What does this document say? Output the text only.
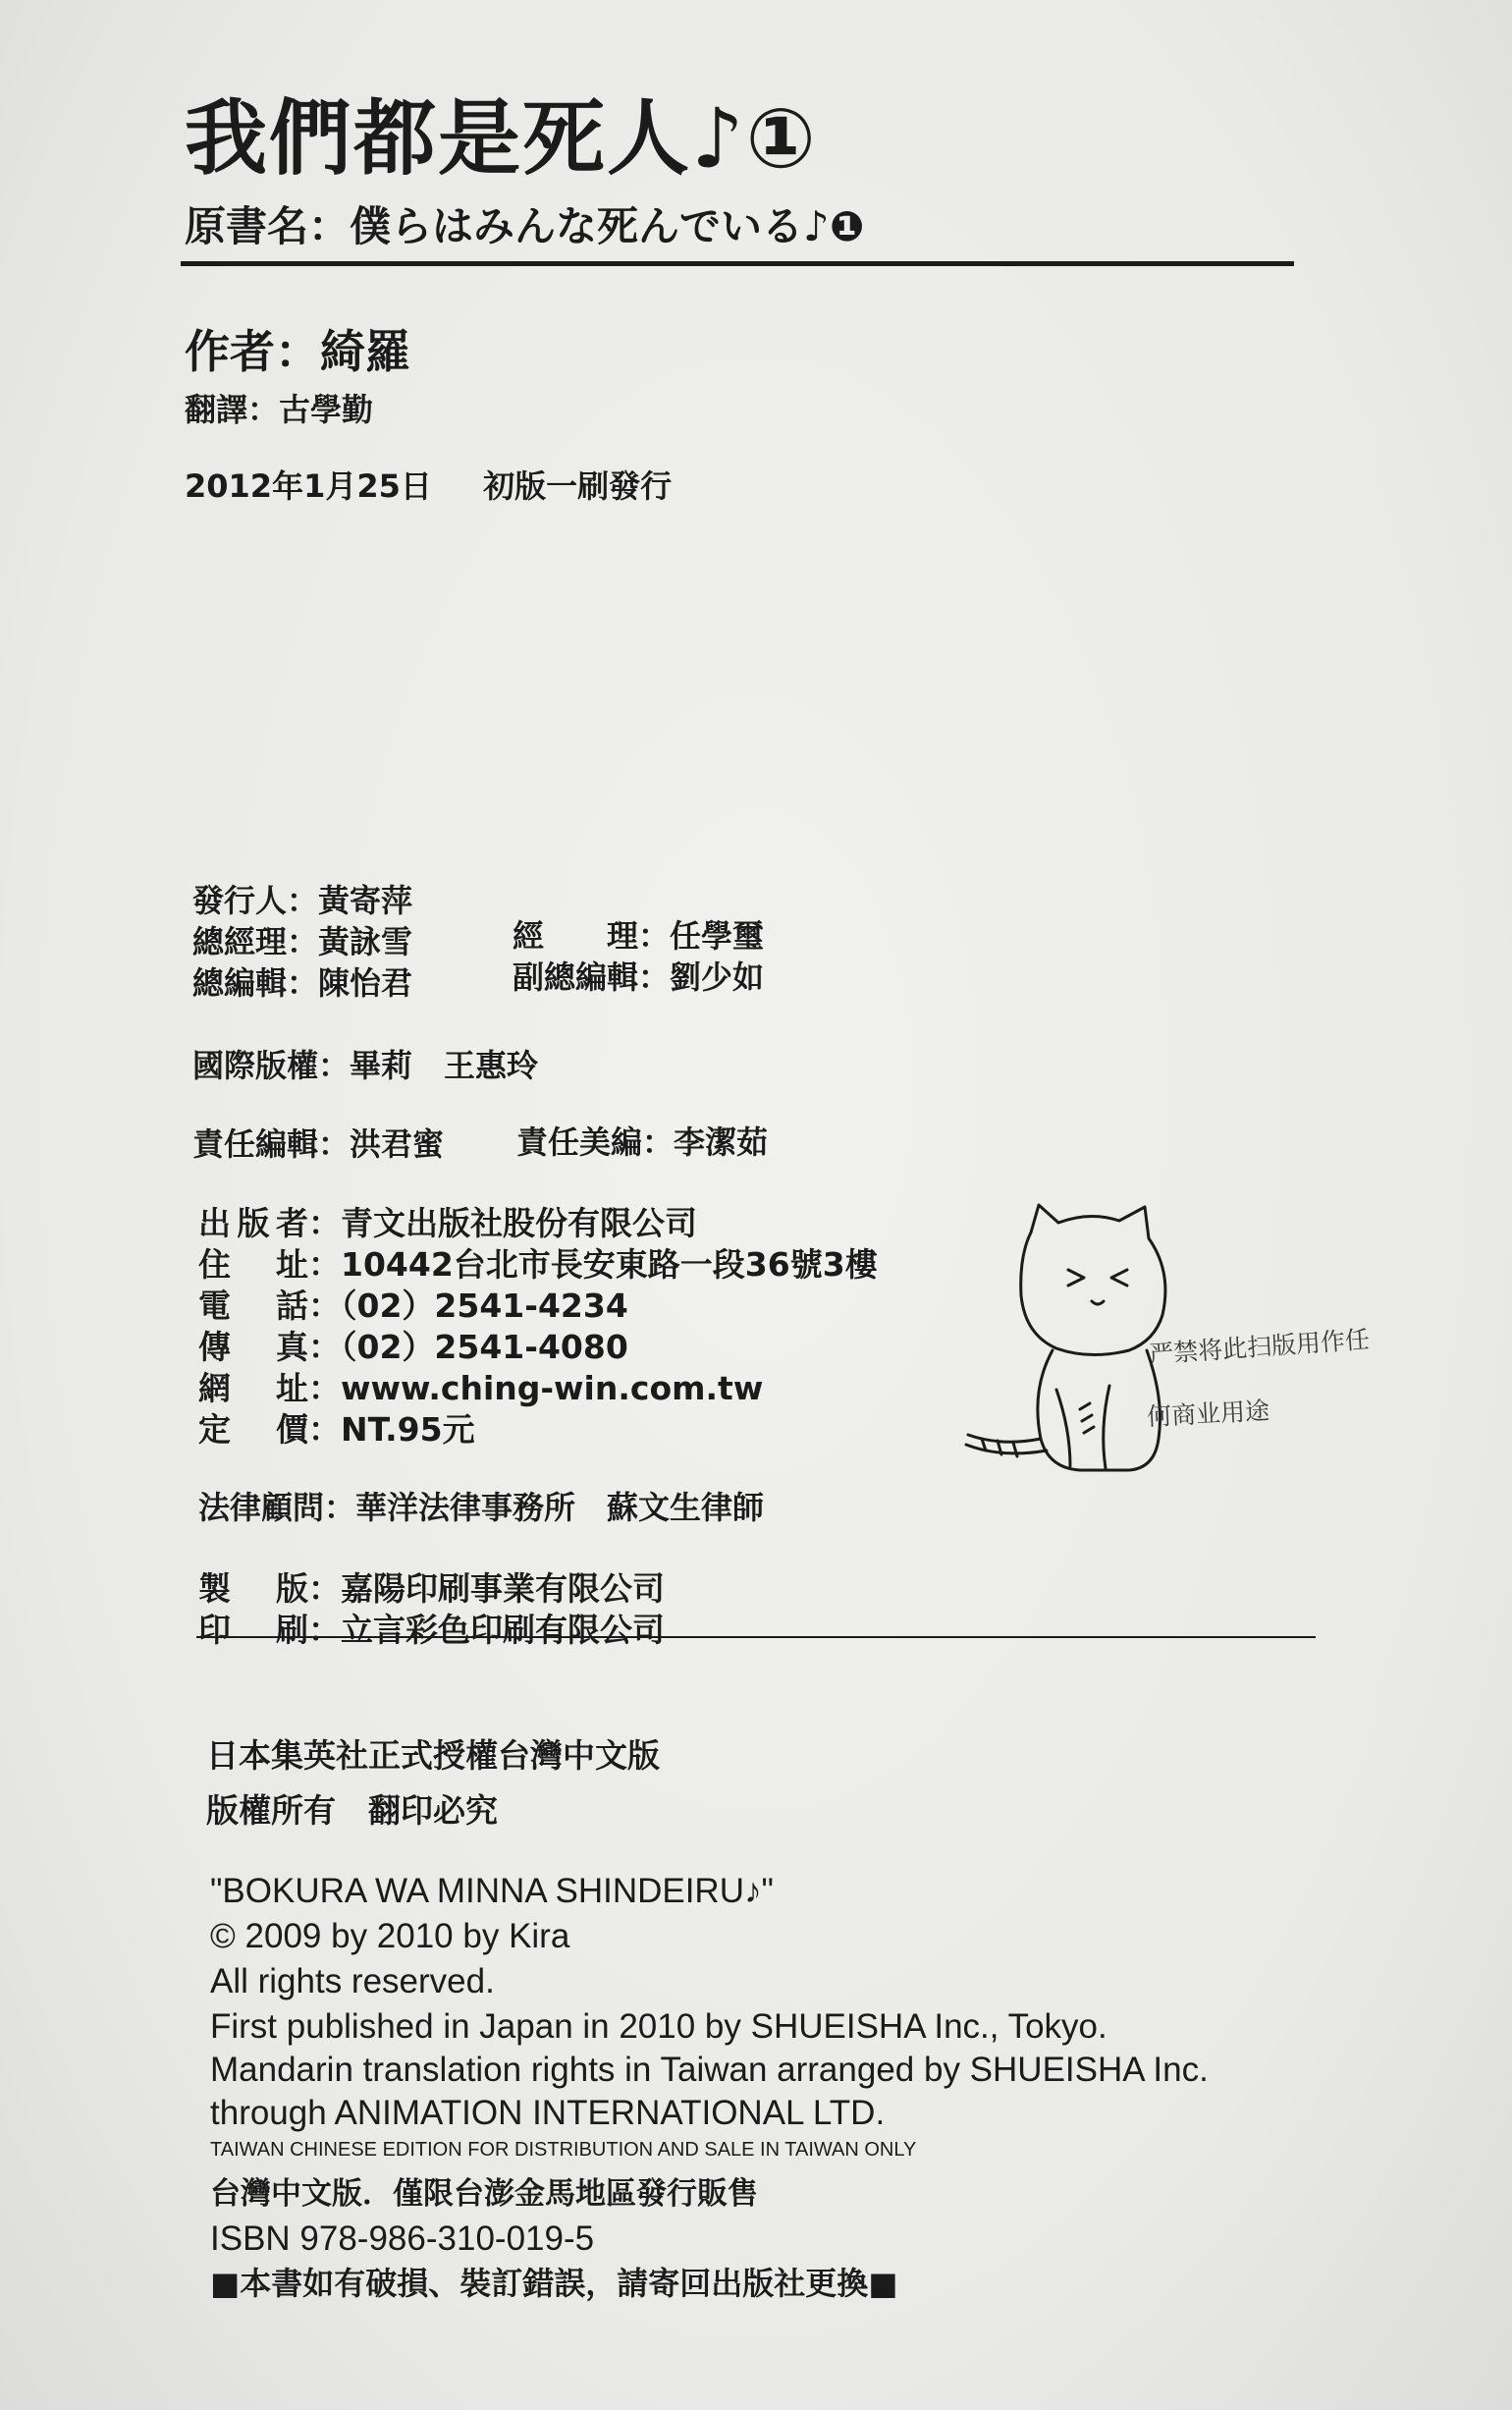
我們都是死人♪①
原書名：僕らはみんな死んでいる♪❶
作者：綺羅
翻譯：古學勤
2012年1月25日 初版一刷發行
發行人：黃寄萍
總經理：黃詠雪	經　　理：任學璽
總編輯：陳怡君	副總編輯：劉少如
國際版權：畢莉　王惠玲
責任編輯：洪君蜜 責任美編：李潔茹
出版者：青文出版社股份有限公司
住址：10442台北市長安東路一段36號3樓
電話：（02）2541-4234
傳真：（02）2541-4080
網址：www.ching-win.com.tw
定價：NT.95元
法律顧問：華洋法律事務所　蘇文生律師
製版：嘉陽印刷事業有限公司
印刷：立言彩色印刷有限公司
严禁将此扫版用作任
何商业用途
日本集英社正式授權台灣中文版
版權所有　翻印必究
"BOKURA WA MINNA SHINDEIRU♪"
© 2009 by 2010 by Kira
All rights reserved.
First published in Japan in 2010 by SHUEISHA Inc., Tokyo.
Mandarin translation rights in Taiwan arranged by SHUEISHA Inc.
through ANIMATION INTERNATIONAL LTD.
TAIWAN CHINESE EDITION FOR DISTRIBUTION AND SALE IN TAIWAN ONLY
台灣中文版．僅限台澎金馬地區發行販售
ISBN 978-986-310-019-5
■本書如有破損、裝訂錯誤，請寄回出版社更換■
